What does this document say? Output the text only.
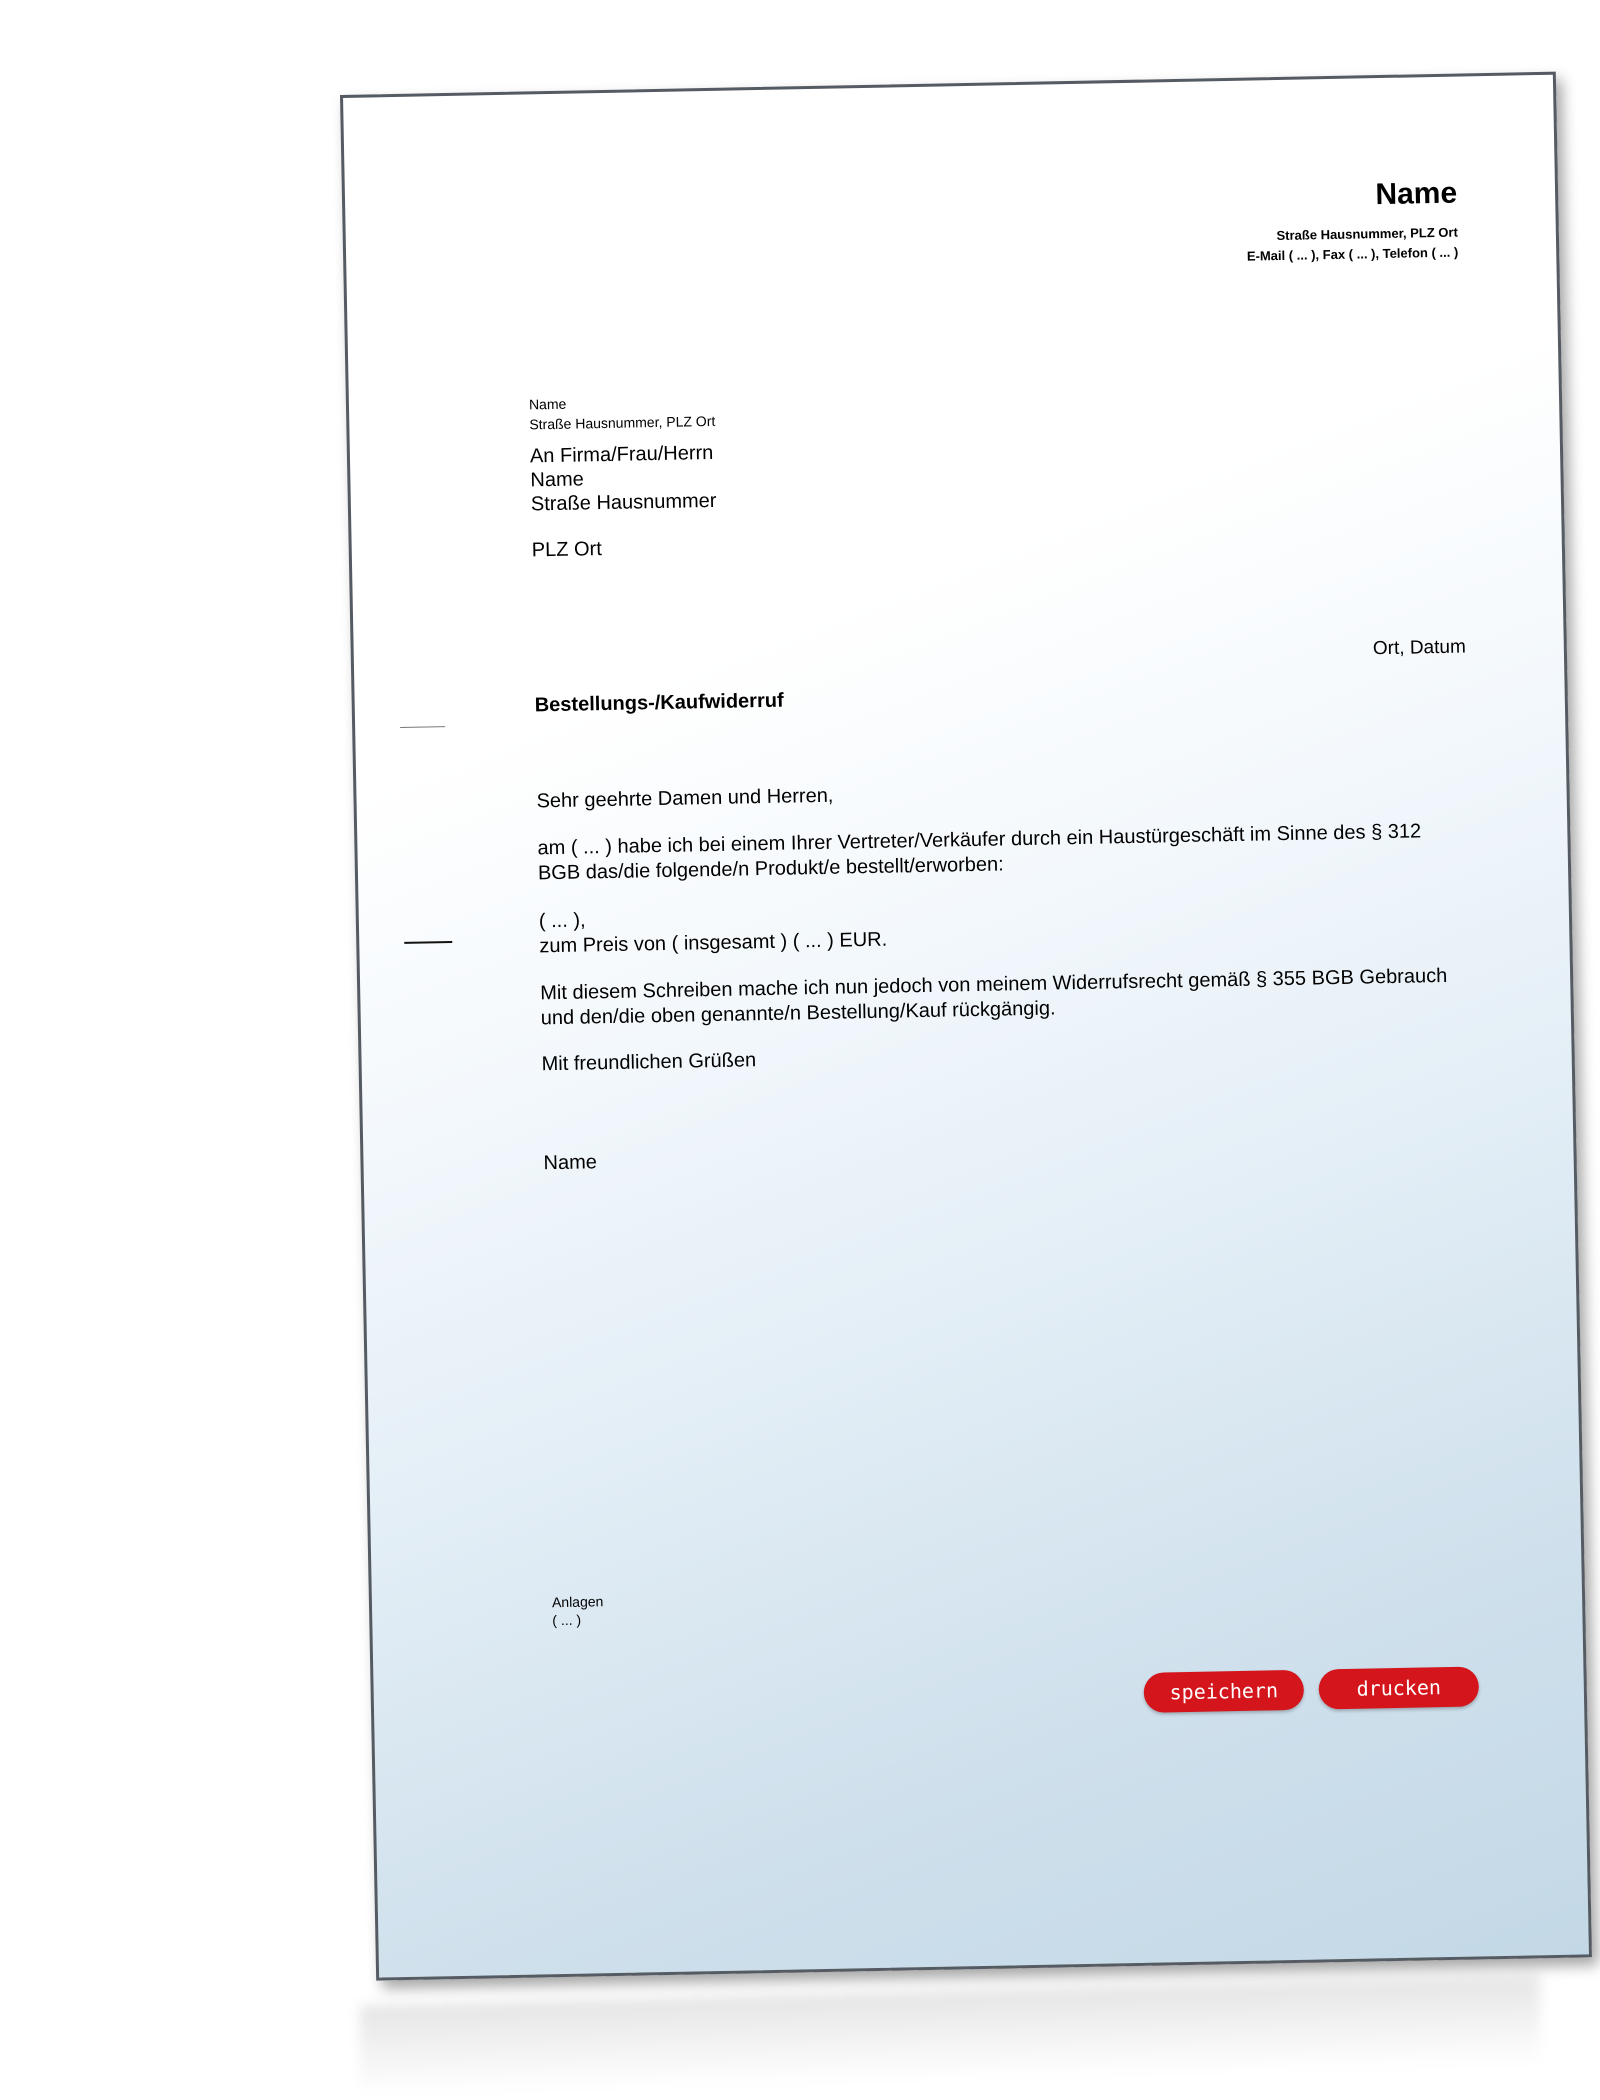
Name
Straße Hausnummer, PLZ Ort
E-Mail ( ... ), Fax ( ... ), Telefon ( ... )
Name
Straße Hausnummer, PLZ Ort
An Firma/Frau/Herrn
Name
Straße Hausnummer
PLZ Ort
Ort, Datum
Bestellungs-/Kaufwiderruf
Sehr geehrte Damen und Herren,
am ( ... ) habe ich bei einem Ihrer Vertreter/Verkäufer durch ein Haustürgeschäft im Sinne des § 312
BGB das/die folgende/n Produkt/e bestellt/erworben:
( ... ),
zum Preis von ( insgesamt ) ( ... ) EUR.
Mit diesem Schreiben mache ich nun jedoch von meinem Widerrufsrecht gemäß § 355 BGB Gebrauch
und den/die oben genannte/n Bestellung/Kauf rückgängig.
Mit freundlichen Grüßen
Name
Anlagen
( ... )
speichern	drucken
